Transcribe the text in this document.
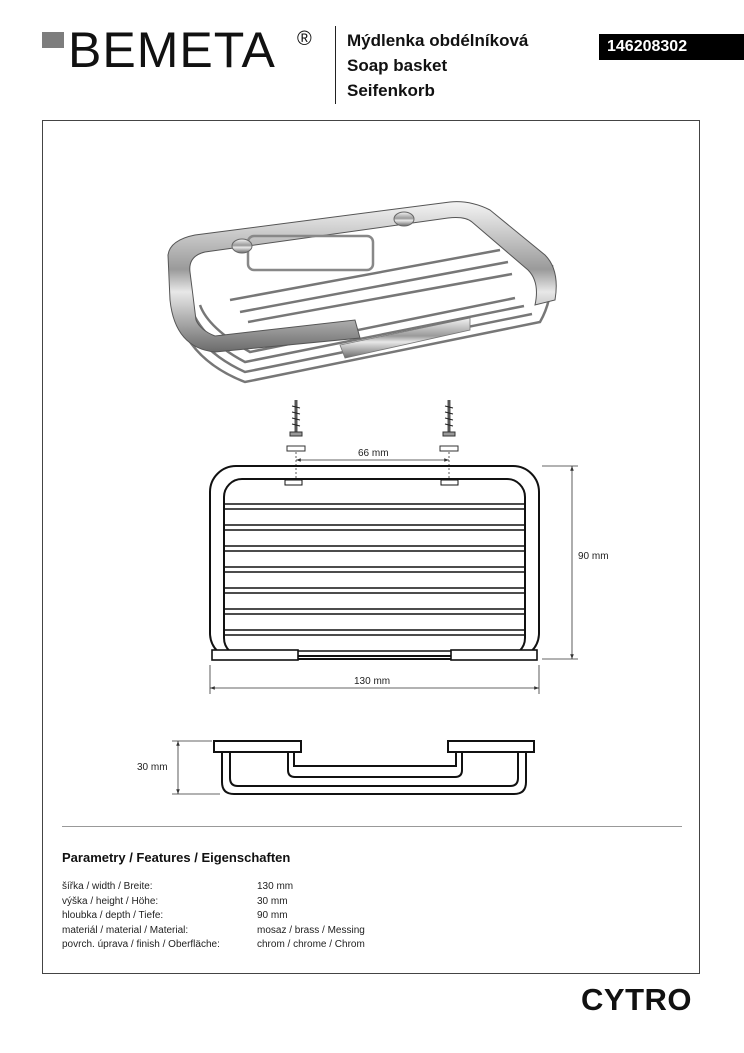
BEMETA ® Mýdlenka obdélníková
Soap basket
Seifenkorb
146208302
66 mm
130 mm
90 mm
30 mm
Parametry / Features / Eigenschaften
šířka / width / Breite:	130 mm
výška / height / Höhe:	30 mm
hloubka / depth / Tiefe:	90 mm
materiál / material / Material:	mosaz / brass / Messing
povrch. úprava / finish / Oberfläche:	chrom / chrome / Chrom
CYTRO
